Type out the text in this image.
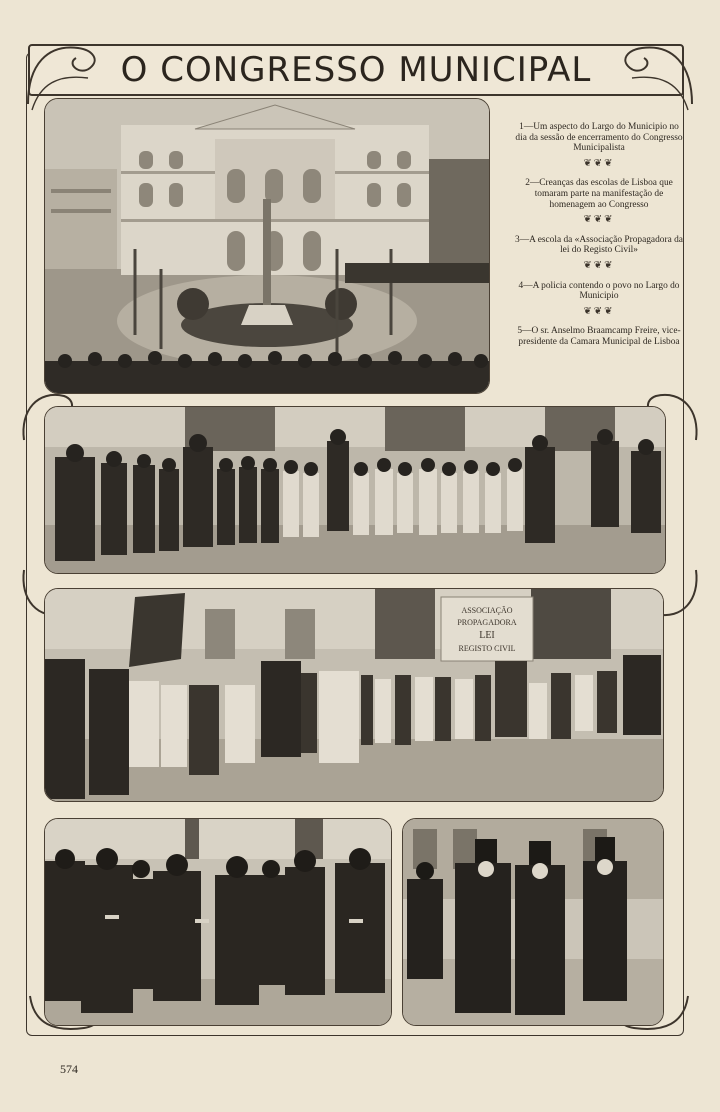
O CONGRESSO MUNICIPAL

1—Um aspecto do Largo do Municipio no dia da sessão de encerramento do Congresso Municipalista

❦❦❦

2—Creanças das escolas de Lisboa que tomaram parte na manifestação de homenagem ao Congresso

❦❦❦

3—A escola da «Associação Propagadora da lei do Registo Civil»

❦❦❦

4—A policia contendo o povo no Largo do Municipio

❦❦❦

5—O sr. Anselmo Braamcamp Freire, vice-presidente da Camara Municipal de Lisboa

ASSOCIAÇÃO
PROPAGADORA
LEI
REGISTO CIVIL
574
